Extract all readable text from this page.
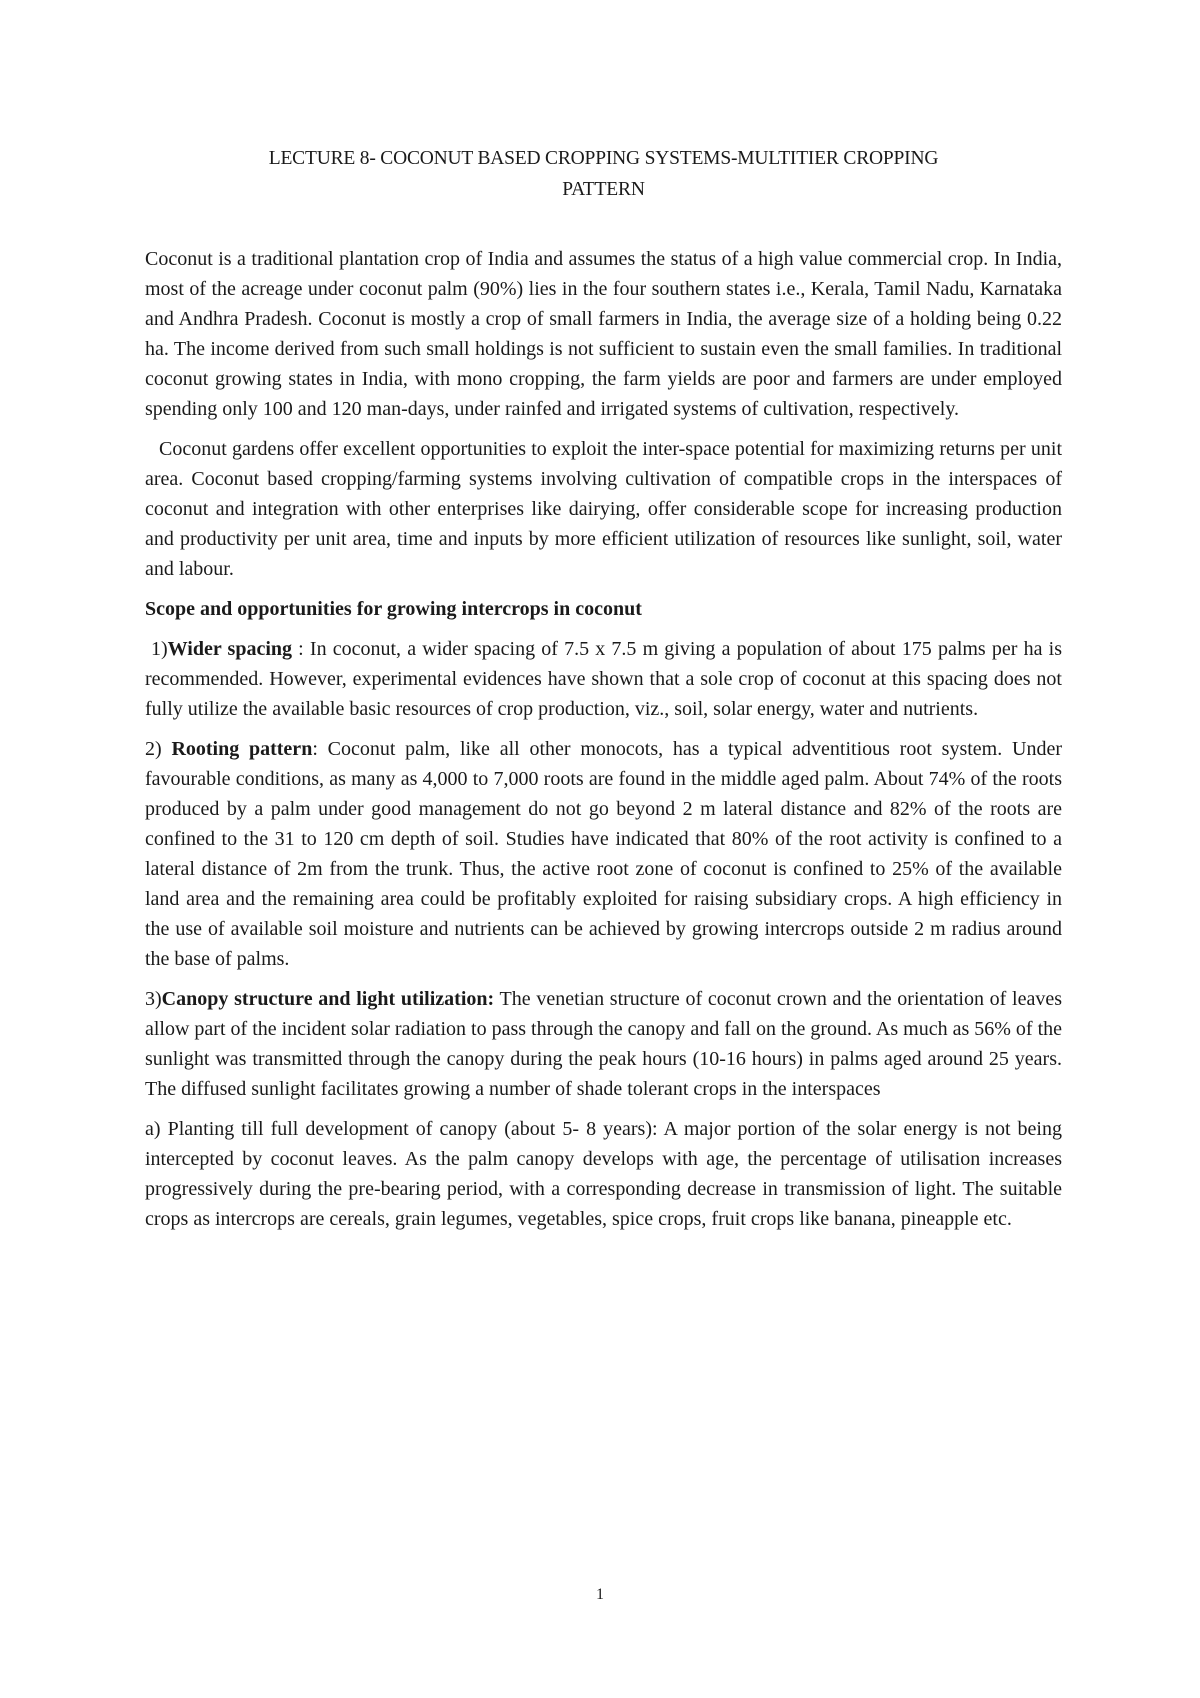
LECTURE 8- COCONUT BASED CROPPING SYSTEMS-MULTITIER CROPPING
PATTERN

Coconut is a traditional plantation crop of India and assumes the status of a high value commercial crop. In India, most of the acreage under coconut palm (90%) lies in the four southern states i.e., Kerala, Tamil Nadu, Karnataka and Andhra Pradesh. Coconut is mostly a crop of small farmers in India, the average size of a holding being 0.22 ha. The income derived from such small holdings is not sufficient to sustain even the small families. In traditional coconut growing states in India, with mono cropping, the farm yields are poor and farmers are under employed spending only 100 and 120 man-days, under rainfed and irrigated systems of cultivation, respectively.

Coconut gardens offer excellent opportunities to exploit the inter-space potential for maximizing returns per unit area. Coconut based cropping/farming systems involving cultivation of compatible crops in the interspaces of coconut and integration with other enterprises like dairying, offer considerable scope for increasing production and productivity per unit area, time and inputs by more efficient utilization of resources like sunlight, soil, water and labour.

Scope and opportunities for growing intercrops in coconut

1)Wider spacing : In coconut, a wider spacing of 7.5 x 7.5 m giving a population of about 175 palms per ha is recommended. However, experimental evidences have shown that a sole crop of coconut at this spacing does not fully utilize the available basic resources of crop production, viz., soil, solar energy, water and nutrients.

2) Rooting pattern: Coconut palm, like all other monocots, has a typical adventitious root system. Under favourable conditions, as many as 4,000 to 7,000 roots are found in the middle aged palm. About 74% of the roots produced by a palm under good management do not go beyond 2 m lateral distance and 82% of the roots are confined to the 31 to 120 cm depth of soil. Studies have indicated that 80% of the root activity is confined to a lateral distance of 2m from the trunk. Thus, the active root zone of coconut is confined to 25% of the available land area and the remaining area could be profitably exploited for raising subsidiary crops. A high efficiency in the use of available soil moisture and nutrients can be achieved by growing intercrops outside 2 m radius around the base of palms.

3)Canopy structure and light utilization: The venetian structure of coconut crown and the orientation of leaves allow part of the incident solar radiation to pass through the canopy and fall on the ground. As much as 56% of the sunlight was transmitted through the canopy during the peak hours (10-16 hours) in palms aged around 25 years. The diffused sunlight facilitates growing a number of shade tolerant crops in the interspaces

a) Planting till full development of canopy (about 5- 8 years): A major portion of the solar energy is not being intercepted by coconut leaves. As the palm canopy develops with age, the percentage of utilisation increases progressively during the pre-bearing period, with a corresponding decrease in transmission of light. The suitable crops as intercrops are cereals, grain legumes, vegetables, spice crops, fruit crops like banana, pineapple etc.

1
